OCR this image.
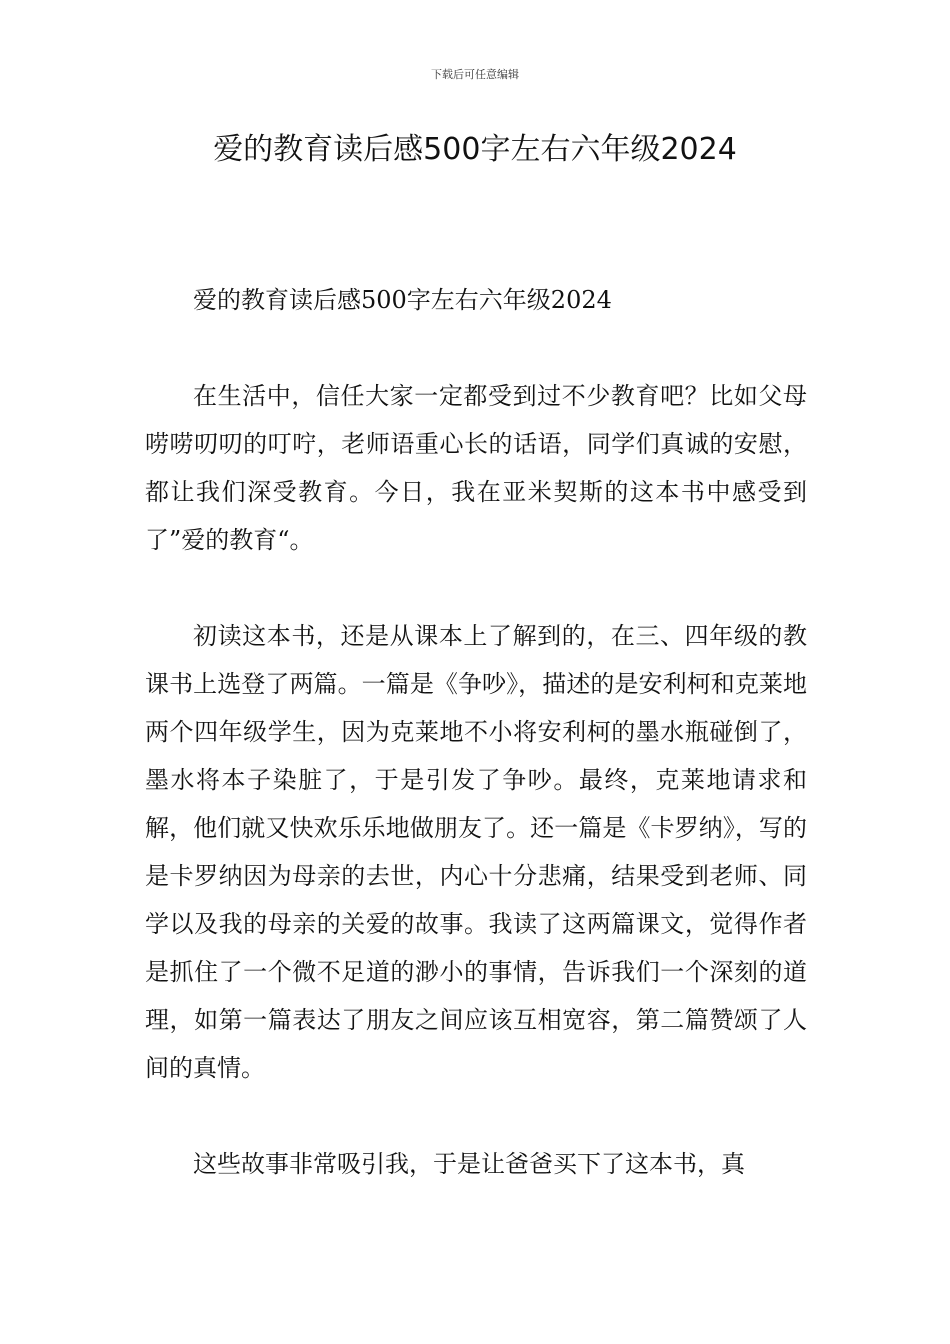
下载后可任意编辑
爱的教育读后感500字左右六年级2024

爱的教育读后感500字左右六年级2024

在生活中，信任大家一定都受到过不少教育吧？比如父母唠唠叨叨的叮咛，老师语重心长的话语，同学们真诚的安慰，都让我们深受教育。今日，我在亚米契斯的这本书中感受到了”爱的教育“。

初读这本书，还是从课本上了解到的，在三、四年级的教课书上选登了两篇。一篇是《争吵》，描述的是安利柯和克莱地两个四年级学生，因为克莱地不小将安利柯的墨水瓶碰倒了，墨水将本子染脏了，于是引发了争吵。最终，克莱地请求和解，他们就又快欢乐乐地做朋友了。还一篇是《卡罗纳》，写的是卡罗纳因为母亲的去世，内心十分悲痛，结果受到老师、同学以及我的母亲的关爱的故事。我读了这两篇课文，觉得作者是抓住了一个微不足道的渺小的事情，告诉我们一个深刻的道理，如第一篇表达了朋友之间应该互相宽容，第二篇赞颂了人间的真情。

这些故事非常吸引我，于是让爸爸买下了这本书，真
